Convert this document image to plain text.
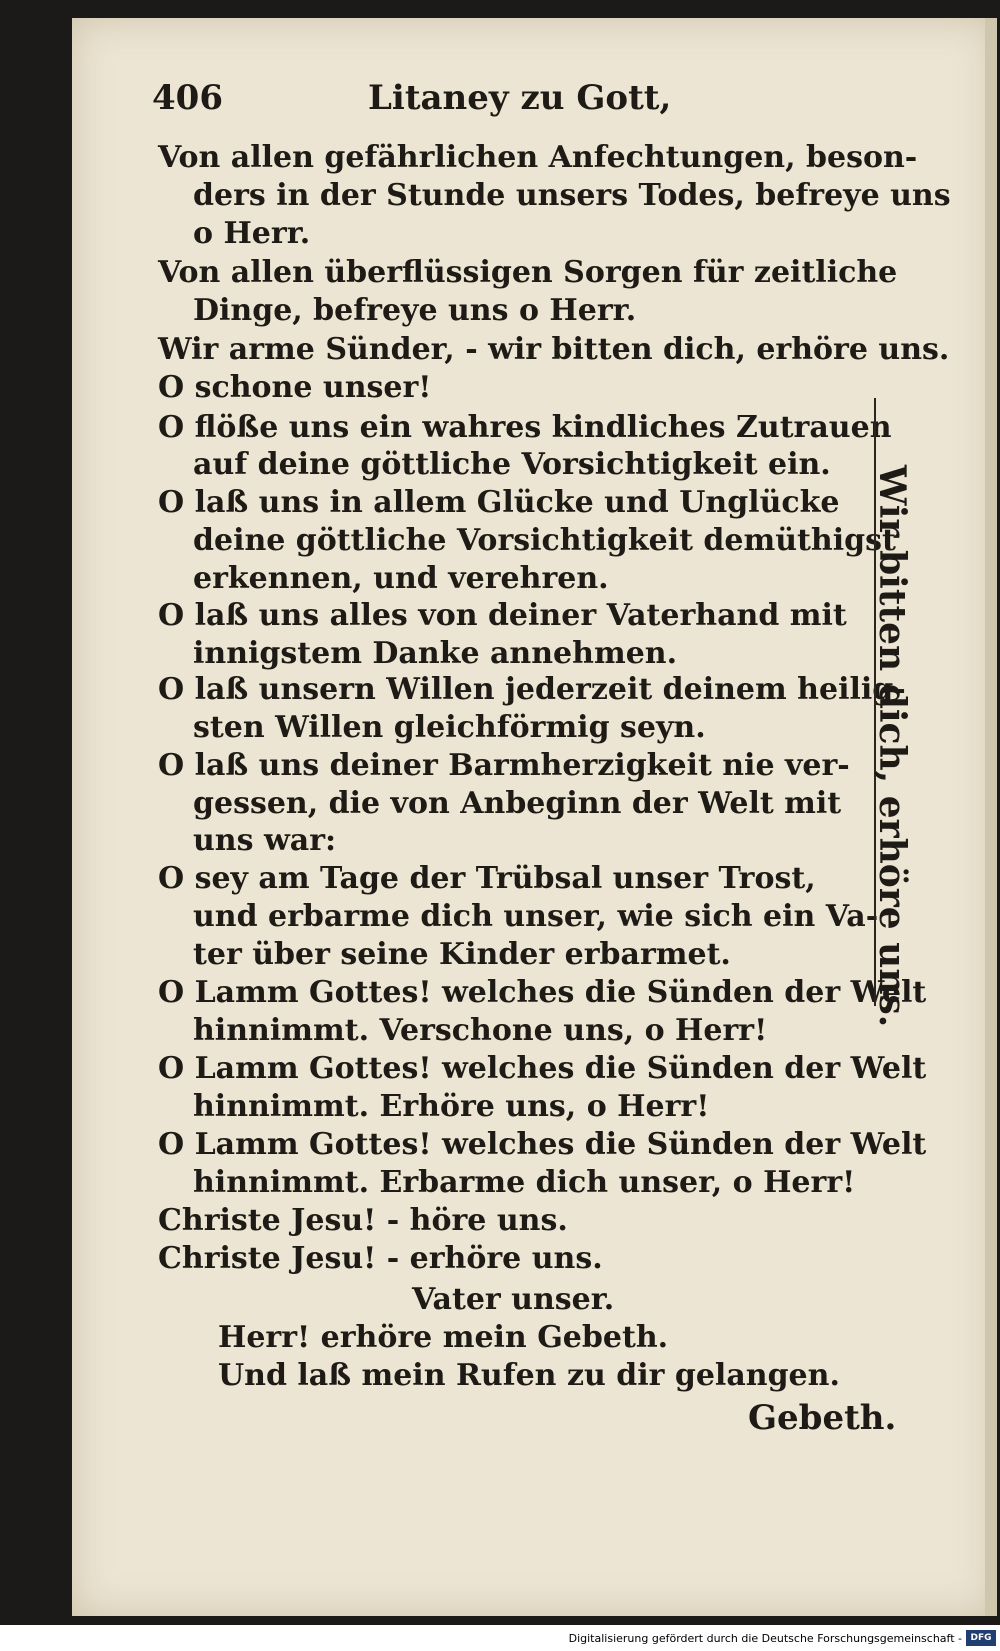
406	Litaney zu Gott,
Von allen gefährlichen Anfechtungen, beson-
ders in der Stunde unsers Todes, befreye uns
o Herr.
Von allen überflüssigen Sorgen für zeitliche
Dinge, befreye uns o Herr.
Wir arme Sünder, - wir bitten dich, erhöre uns.
O schone unser!
O flöße uns ein wahres kindliches Zutrauen
auf deine göttliche Vorsichtigkeit ein.
O laß uns in allem Glücke und Unglücke
deine göttliche Vorsichtigkeit demüthigst
erkennen, und verehren.
O laß uns alles von deiner Vaterhand mit
innigstem Danke annehmen.
O laß unsern Willen jederzeit deinem heilig-
sten Willen gleichförmig seyn.
O laß uns deiner Barmherzigkeit nie ver-
gessen, die von Anbeginn der Welt mit
uns war:
O sey am Tage der Trübsal unser Trost,
und erbarme dich unser, wie sich ein Va-
ter über seine Kinder erbarmet.
O Lamm Gottes! welches die Sünden der Welt
hinnimmt. Verschone uns, o Herr!
O Lamm Gottes! welches die Sünden der Welt
hinnimmt. Erhöre uns, o Herr!
O Lamm Gottes! welches die Sünden der Welt
hinnimmt. Erbarme dich unser, o Herr!
Christe Jesu! - höre uns.
Christe Jesu! - erhöre uns.
Vater unser.
Herr! erhöre mein Gebeth.
Und laß mein Rufen zu dir gelangen.
Gebeth.
Wir bitten dich, erhöre uns.
Digitalisierung gefördert durch die Deutsche Forschungsgemeinschaft - DFG
